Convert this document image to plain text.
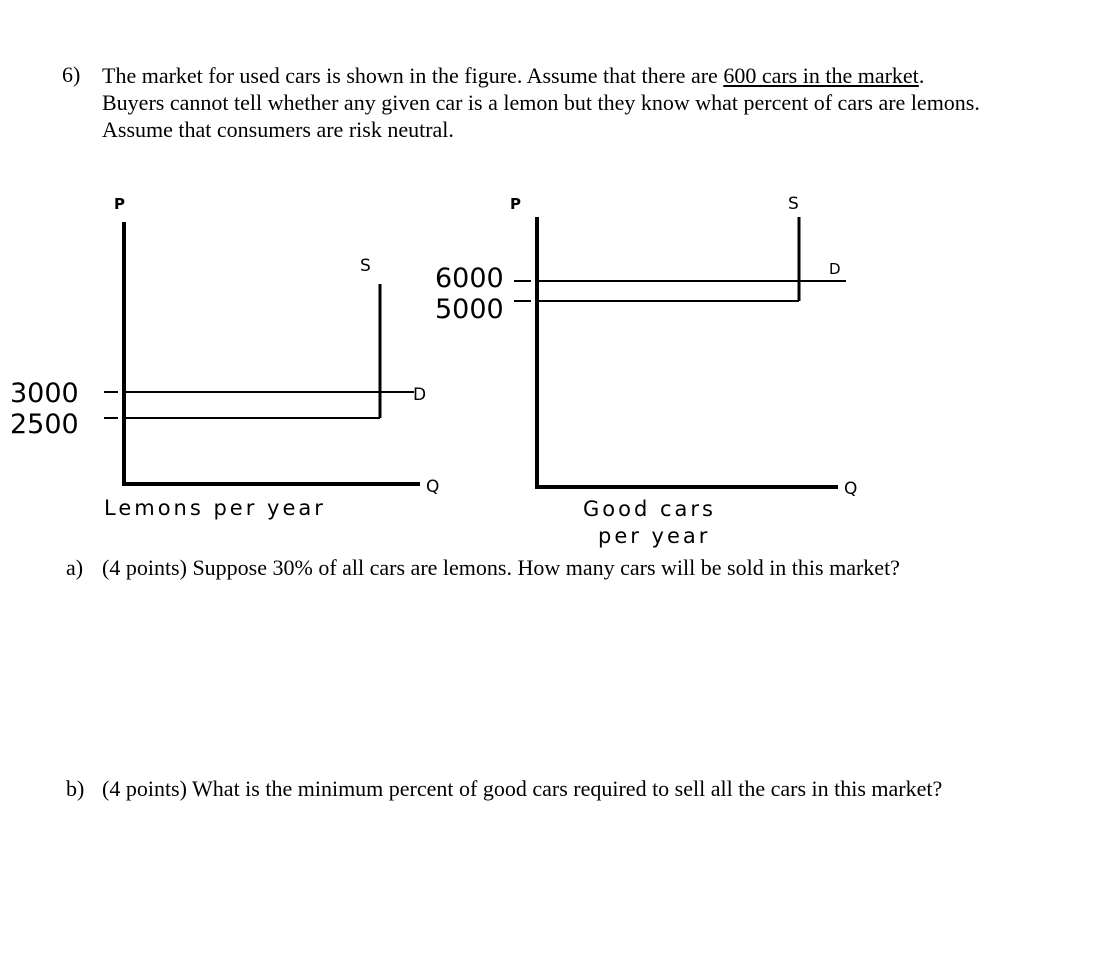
6) The market for used cars is shown in the figure. Assume that there are 600 cars in the market.
Buyers cannot tell whether any given car is a lemon but they know what percent of cars are lemons.
Assume that consumers are risk neutral.
P
Q
S
D
3000
2500
Lemons per year
P
Q
S
D
6000
5000
Good cars
per year
a) (4 points) Suppose 30% of all cars are lemons. How many cars will be sold in this market?
b) (4 points) What is the minimum percent of good cars required to sell all the cars in this market?
